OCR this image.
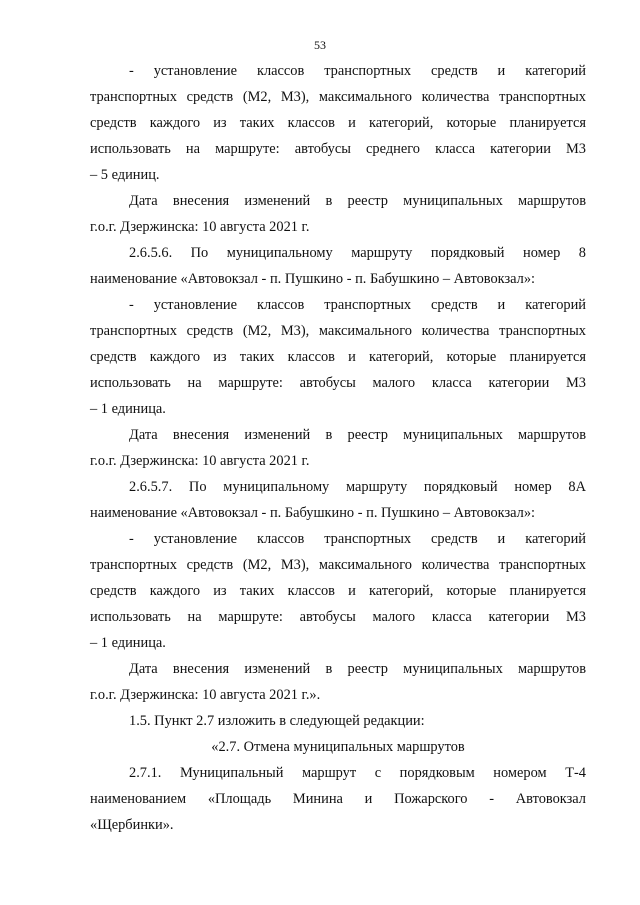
53
- установление классов транспортных средств и категорий
транспортных средств (М2, М3), максимального количества транспортных
средств каждого из таких классов и категорий, которые планируется
использовать на маршруте: автобусы среднего класса категории М3
– 5 единиц.
Дата внесения изменений в реестр муниципальных маршрутов
г.о.г. Дзержинска: 10 августа 2021 г.
2.6.5.6. По муниципальному маршруту порядковый номер 8
наименование «Автовокзал - п. Пушкино - п. Бабушкино – Автовокзал»:
- установление классов транспортных средств и категорий
транспортных средств (М2, М3), максимального количества транспортных
средств каждого из таких классов и категорий, которые планируется
использовать на маршруте: автобусы малого класса категории М3
– 1 единица.
Дата внесения изменений в реестр муниципальных маршрутов
г.о.г. Дзержинска: 10 августа 2021 г.
2.6.5.7. По муниципальному маршруту порядковый номер 8А
наименование «Автовокзал - п. Бабушкино - п. Пушкино – Автовокзал»:
- установление классов транспортных средств и категорий
транспортных средств (М2, М3), максимального количества транспортных
средств каждого из таких классов и категорий, которые планируется
использовать на маршруте: автобусы малого класса категории М3
– 1 единица.
Дата внесения изменений в реестр муниципальных маршрутов
г.о.г. Дзержинска: 10 августа 2021 г.».
1.5. Пункт 2.7 изложить в следующей редакции:
«2.7. Отмена муниципальных маршрутов
2.7.1. Муниципальный маршрут с порядковым номером Т-4
наименованием «Площадь Минина и Пожарского - Автовокзал
«Щербинки».
